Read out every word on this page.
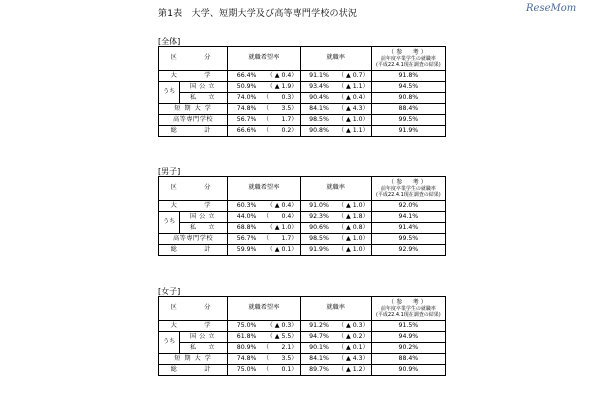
第1表　大学、短期大学及び高等専門学校の状況	ReseMom
[全体]
区　　分		就職希望率		就職率		（参　考）
前年度卒業学生の就職率
(平成22.4.1現在調査の結果)

大　　学		66.4%	（ ▲ 0.4）	91.1%	（ ▲ 0.7）	91.8%
うち	国公立	50.9%	（ ▲ 1.9）	93.4%	（ ▲ 1.1）	94.5%
	私　立	74.0%	（　　0.3）	90.4%	（ ▲ 0.4）	90.8%
短 期 大 学		74.8%	（　　3.5）	84.1%	（ ▲ 4.3）	88.4%
高等専門学校		56.7%	（　　1.7）	98.5%	（ ▲ 1.0）	99.5%
総　　計		66.6%	（　　0.2）	90.8%	（ ▲ 1.1）	91.9%
[男子]
区　　分		就職希望率		就職率		（参　考）
前年度卒業学生の就職率
(平成22.4.1現在調査の結果)

大　　学		60.3%	（ ▲ 0.4）	91.0%	（ ▲ 1.0）	92.0%
うち	国公立	44.0%	（　　0.4）	92.3%	（ ▲ 1.8）	94.1%
	私　立	68.8%	（ ▲ 1.0）	90.6%	（ ▲ 0.8）	91.4%
高等専門学校		56.7%	（　　1.7）	98.5%	（ ▲ 1.0）	99.5%
総　　計		59.9%	（ ▲ 0.1）	91.9%	（ ▲ 1.0）	92.9%
[女子]
区　　分		就職希望率		就職率		（参　考）
前年度卒業学生の就職率
(平成22.4.1現在調査の結果)

大　　学		75.0%	（ ▲ 0.3）	91.2%	（ ▲ 0.3）	91.5%
うち	国公立	61.8%	（ ▲ 5.5）	94.7%	（ ▲ 0.2）	94.9%
	私　立	80.9%	（　　2.1）	90.1%	（ ▲ 0.1）	90.2%
短 期 大 学		74.8%	（　　3.5）	84.1%	（ ▲ 4.3）	88.4%
総　　計		75.0%	（　　0.1）	89.7%	（ ▲ 1.2）	90.9%
